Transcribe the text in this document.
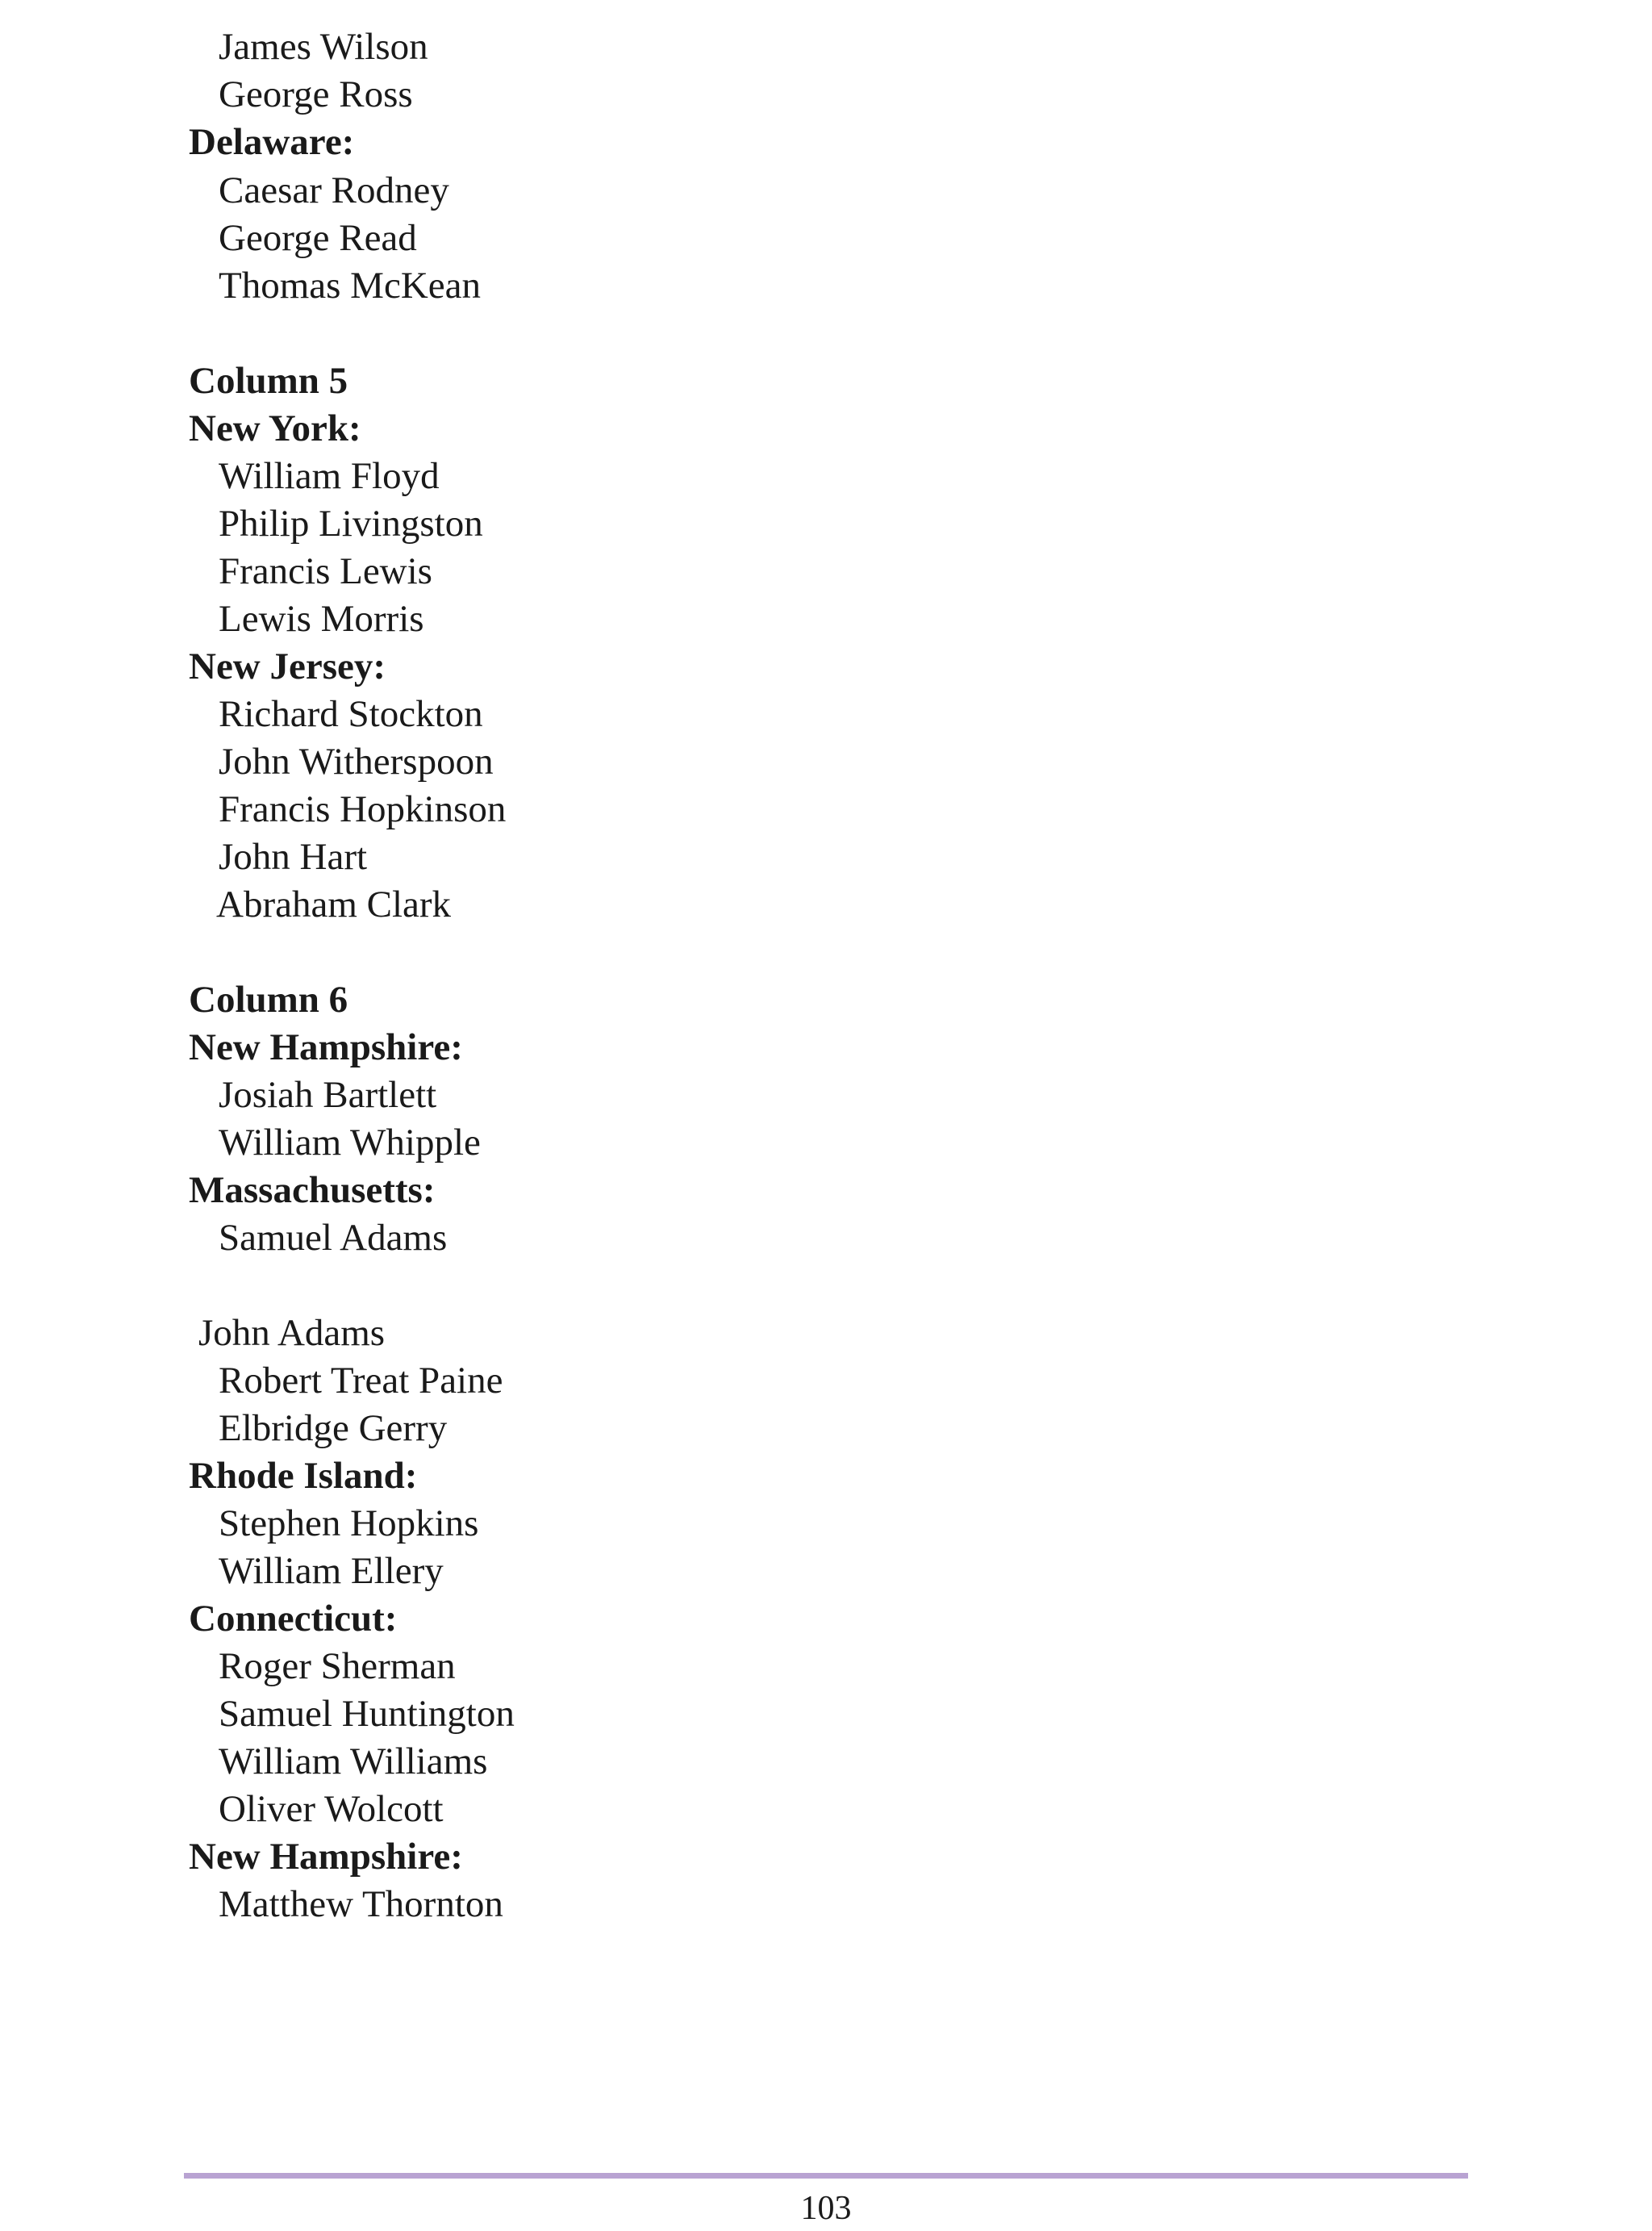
James Wilson
George Ross
Delaware:
Caesar Rodney
George Read
Thomas McKean
Column 5
New York:
William Floyd
Philip Livingston
Francis Lewis
Lewis Morris
New Jersey:
Richard Stockton
John Witherspoon
Francis Hopkinson
John Hart
Abraham Clark
Column 6
New Hampshire:
Josiah Bartlett
William Whipple
Massachusetts:
Samuel Adams
John Adams
Robert Treat Paine
Elbridge Gerry
Rhode Island:
Stephen Hopkins
William Ellery
Connecticut:
Roger Sherman
Samuel Huntington
William Williams
Oliver Wolcott
New Hampshire:
Matthew Thornton
103
